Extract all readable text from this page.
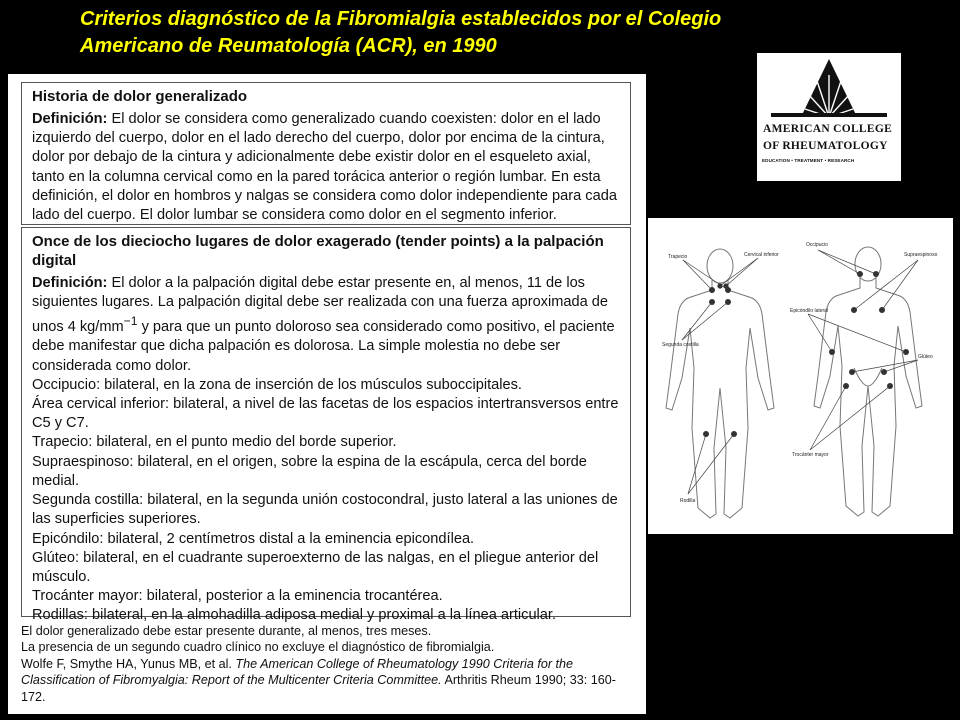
Criterios diagnóstico de la Fibromialgia establecidos por el Colegio
Americano de Reumatología (ACR), en 1990
Historia de dolor generalizado

Definición: El dolor se considera como generalizado cuando coexisten: dolor en el lado izquierdo del cuerpo, dolor en el lado derecho del cuerpo, dolor por encima de la cintura, dolor por debajo de la cintura y adicionalmente debe existir dolor en el esqueleto axial, tanto en la columna cervical como en la pared torácica anterior o región lumbar. En esta definición, el dolor en hombros y nalgas se considera como dolor independiente para cada lado del cuerpo. El dolor lumbar se considera como dolor en el segmento inferior.

Once de los dieciocho lugares de dolor exagerado (tender points) a la palpación digital

Definición: El dolor a la palpación digital debe estar presente en, al menos, 11 de los siguientes lugares. La palpación digital debe ser realizada con una fuerza aproximada de unos 4 $kg/mm^{-1}$ y para que un punto doloroso sea considerado como positivo, el paciente debe manifestar que dicha palpación es dolorosa. La simple molestia no debe ser considerada como dolor.

Occipucio: bilateral, en la zona de inserción de los músculos suboccipitales.

Área cervical inferior: bilateral, a nivel de las facetas de los espacios intertransversos entre C5 y C7.

Trapecio: bilateral, en el punto medio del borde superior.

Supraespinoso: bilateral, en el origen, sobre la espina de la escápula, cerca del borde medial.

Segunda costilla: bilateral, en la segunda unión costocondral, justo lateral a las uniones de las superficies superiores.

Epicóndilo: bilateral, 2 centímetros distal a la eminencia epicondílea.

Glúteo: bilateral, en el cuadrante superoexterno de las nalgas, en el pliegue anterior del músculo.

Trocánter mayor: bilateral, posterior a la eminencia trocantérea.

Rodillas: bilateral, en la almohadilla adiposa medial y proximal a la línea articular.

El dolor generalizado debe estar presente durante, al menos, tres meses.

La presencia de un segundo cuadro clínico no excluye el diagnóstico de fibromialgia.

Wolfe F, Smythe HA, Yunus MB, et al. The American College of Rheumatology 1990 Criteria for the Classification of Fibromyalgia: Report of the Multicenter Criteria Committee. Arthritis Rheum 1990; 33: 160-172.

AMERICAN COLLEGE
OF RHEUMATOLOGY
EDUCATION • TREATMENT • RESEARCH
Trapecio	Cervical inferior
Segunda costilla
Rodilla
Occipucio
Supraespinoso
Epicóndilo lateral
Glúteo
Trocánter mayor
